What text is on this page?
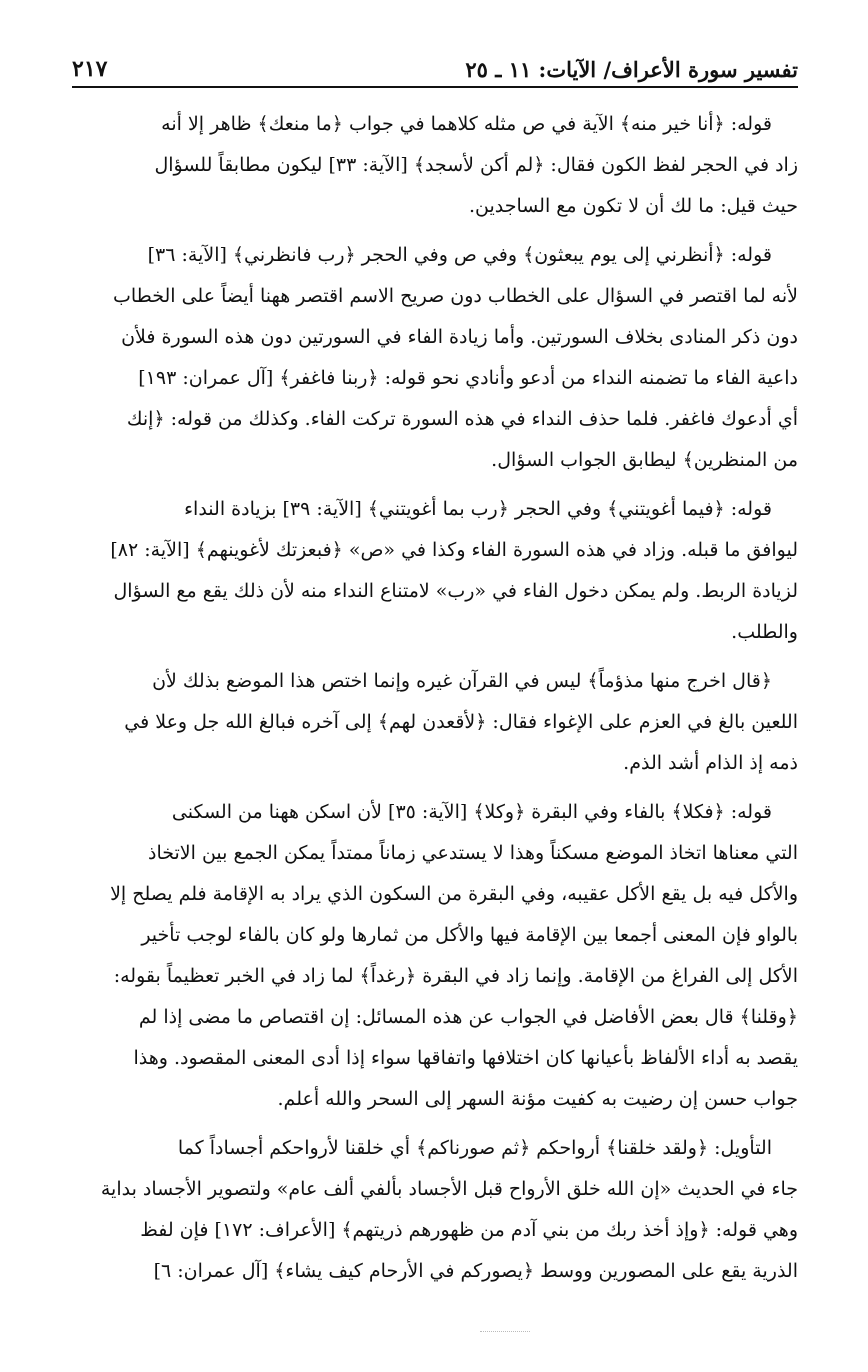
تفسير سورة الأعراف/ الآيات: ١١ ـ ٢٥
٢١٧

قوله: ﴿أنا خير منه﴾ الآية في ص مثله كلاهما في جواب ﴿ما منعك﴾ ظاهر إلا أنه
زاد في الحجر لفظ الكون فقال: ﴿لم أكن لأسجد﴾ [الآية: ٣٣] ليكون مطابقاً للسؤال
حيث قيل: ما لك أن لا تكون مع الساجدين.

قوله: ﴿أنظرني إلى يوم يبعثون﴾ وفي ص وفي الحجر ﴿رب فانظرني﴾ [الآية: ٣٦]
لأنه لما اقتصر في السؤال على الخطاب دون صريح الاسم اقتصر ههنا أيضاً على الخطاب
دون ذكر المنادى بخلاف السورتين. وأما زيادة الفاء في السورتين دون هذه السورة فلأن
داعية الفاء ما تضمنه النداء من أدعو وأنادي نحو قوله: ﴿ربنا فاغفر﴾ [آل عمران: ١٩٣]
أي أدعوك فاغفر. فلما حذف النداء في هذه السورة تركت الفاء. وكذلك من قوله: ﴿إنك
من المنظرين﴾ ليطابق الجواب السؤال.

قوله: ﴿فيما أغويتني﴾ وفي الحجر ﴿رب بما أغويتني﴾ [الآية: ٣٩] بزيادة النداء
ليوافق ما قبله. وزاد في هذه السورة الفاء وكذا في «ص» ﴿فبعزتك لأغوينهم﴾ [الآية: ٨٢]
لزيادة الربط. ولم يمكن دخول الفاء في «رب» لامتناع النداء منه لأن ذلك يقع مع السؤال
والطلب.

﴿قال اخرج منها مذؤماً﴾ ليس في القرآن غيره وإنما اختص هذا الموضع بذلك لأن
اللعين بالغ في العزم على الإغواء فقال: ﴿لأقعدن لهم﴾ إلى آخره فبالغ الله جل وعلا في
ذمه إذ الذام أشد الذم.

قوله: ﴿فكلا﴾ بالفاء وفي البقرة ﴿وكلا﴾ [الآية: ٣٥] لأن اسكن ههنا من السكنى
التي معناها اتخاذ الموضع مسكناً وهذا لا يستدعي زماناً ممتداً يمكن الجمع بين الاتخاذ
والأكل فيه بل يقع الأكل عقيبه، وفي البقرة من السكون الذي يراد به الإقامة فلم يصلح إلا
بالواو فإن المعنى أجمعا بين الإقامة فيها والأكل من ثمارها ولو كان بالفاء لوجب تأخير
الأكل إلى الفراغ من الإقامة. وإنما زاد في البقرة ﴿رغداً﴾ لما زاد في الخبر تعظيماً بقوله:
﴿وقلنا﴾ قال بعض الأفاضل في الجواب عن هذه المسائل: إن اقتصاص ما مضى إذا لم
يقصد به أداء الألفاظ بأعيانها كان اختلافها واتفاقها سواء إذا أدى المعنى المقصود. وهذا
جواب حسن إن رضيت به كفيت مؤنة السهر إلى السحر والله أعلم.

التأويل: ﴿ولقد خلقنا﴾ أرواحكم ﴿ثم صورناكم﴾ أي خلقنا لأرواحكم أجساداً كما
جاء في الحديث «إن الله خلق الأرواح قبل الأجساد بألفي ألف عام» ولتصوير الأجساد بداية
وهي قوله: ﴿وإذ أخذ ربك من بني آدم من ظهورهم ذريتهم﴾ [الأعراف: ١٧٢] فإن لفظ
الذرية يقع على المصورين ووسط ﴿يصوركم في الأرحام كيف يشاء﴾ [آل عمران: ٦]
